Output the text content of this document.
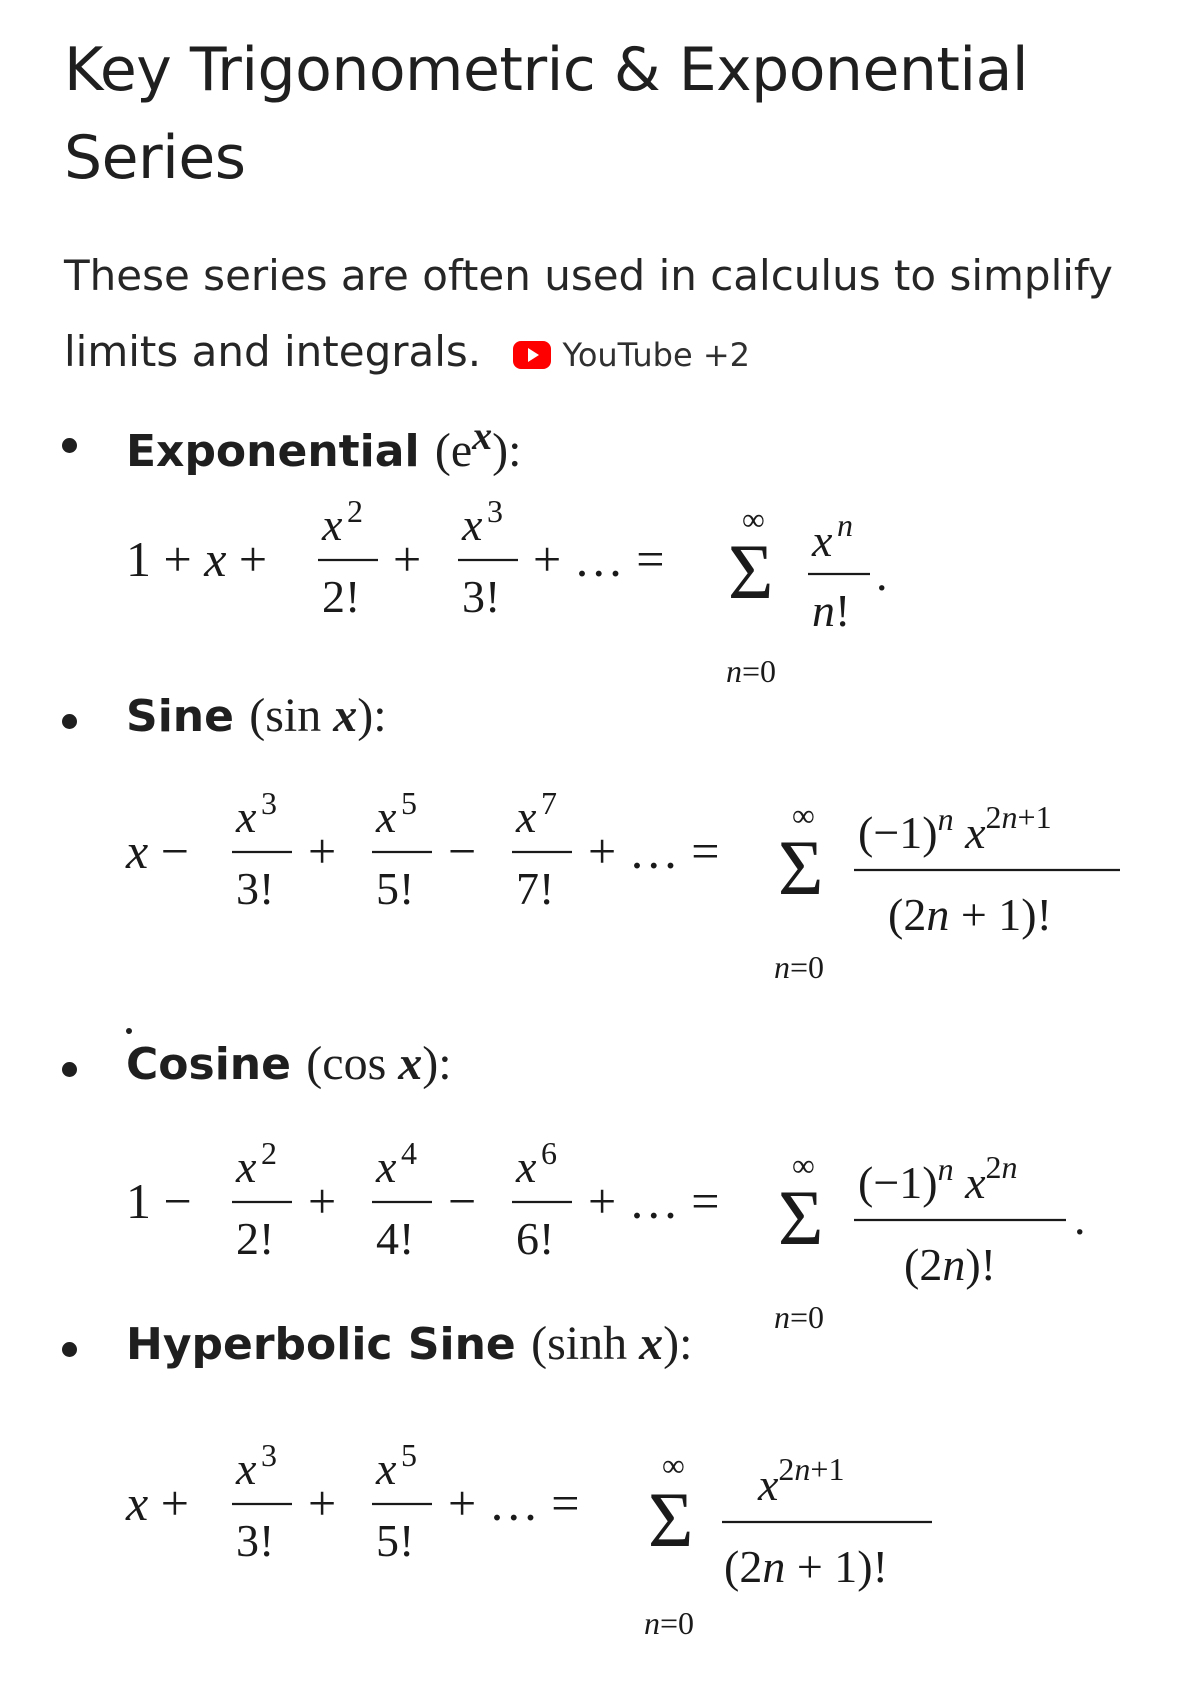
Key Trigonometric & Exponential Series

These series are often used in calculus to simplify limits and integrals.	YouTube +2

Exponential $(e^x)$:
Sine (sin x):
Cosine (cos x):
Hyperbolic Sine (sinh x):
1 + x +
x 2
2!
+
x 3
3!
+ … =
∞
Σ
n=0
x n
n!
.
x −
x 3
3!
+
x 5
5!
−
x 7
7!
+ … =
∞
Σ
n=0
$(-1)^n$ $x^{2n+1}$
(2n + 1)!
1 −
x 2
2!
+
x 4
4!
−
x 6
6!
+ … =
∞
Σ
n=0
$(-1)^n$ $x^{2n}$
(2n)!
.
x +
x 3
3!
+
x 5
5!
+ … =
∞
Σ
n=0
$x^{2n+1}$
(2n + 1)!
